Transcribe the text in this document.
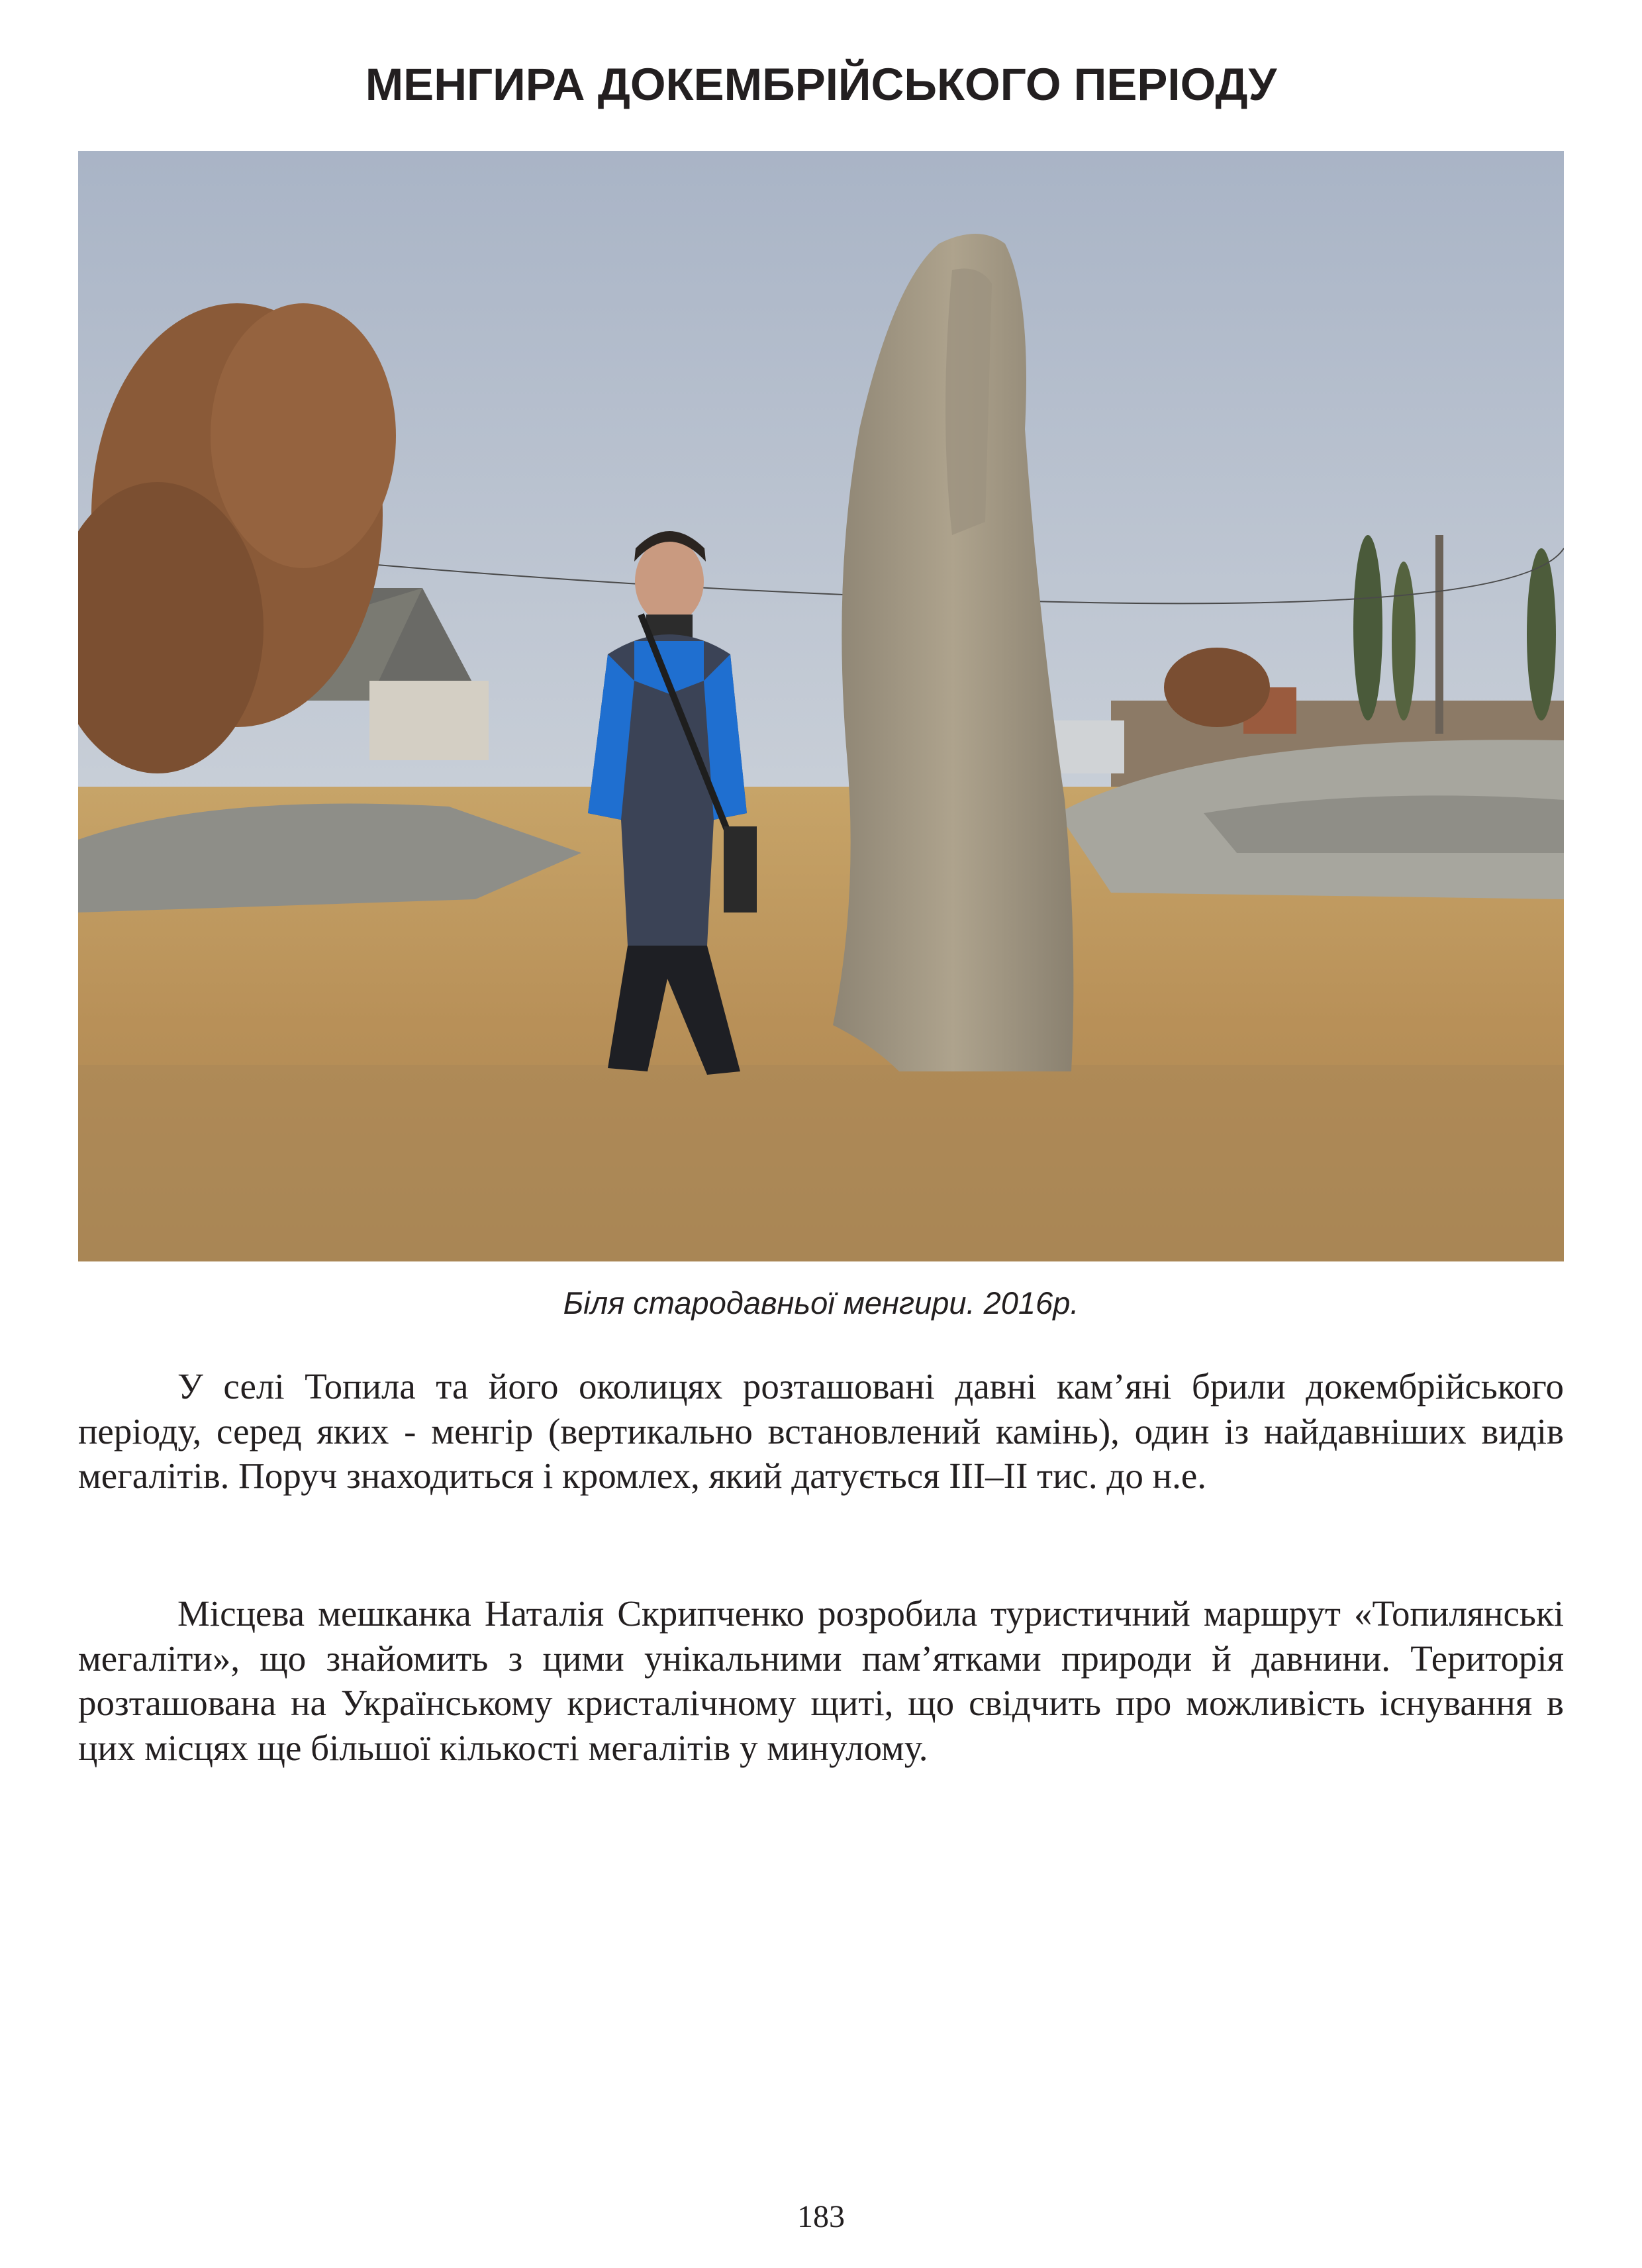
МЕНГИРА ДОКЕМБРІЙСЬКОГО ПЕРІОДУ
Біля стародавньої менгири. 2016р.

У селі Топила та його околицях розташовані давні кам’яні брили докембрійського періоду, серед яких - менгір (вертикально встановлений камінь), один із найдавніших видів мегалітів. Поруч знаходиться і кромлех, який датується III–II тис. до н.е.

Місцева мешканка Наталія Скрипченко розробила туристичний маршрут «Топилянські мегаліти», що знайомить з цими унікальними пам’ятками природи й давнини. Територія розташована на Українському кристалічному щиті, що свідчить про можливість існування в цих місцях ще більшої кількості мегалітів у минулому.

183
